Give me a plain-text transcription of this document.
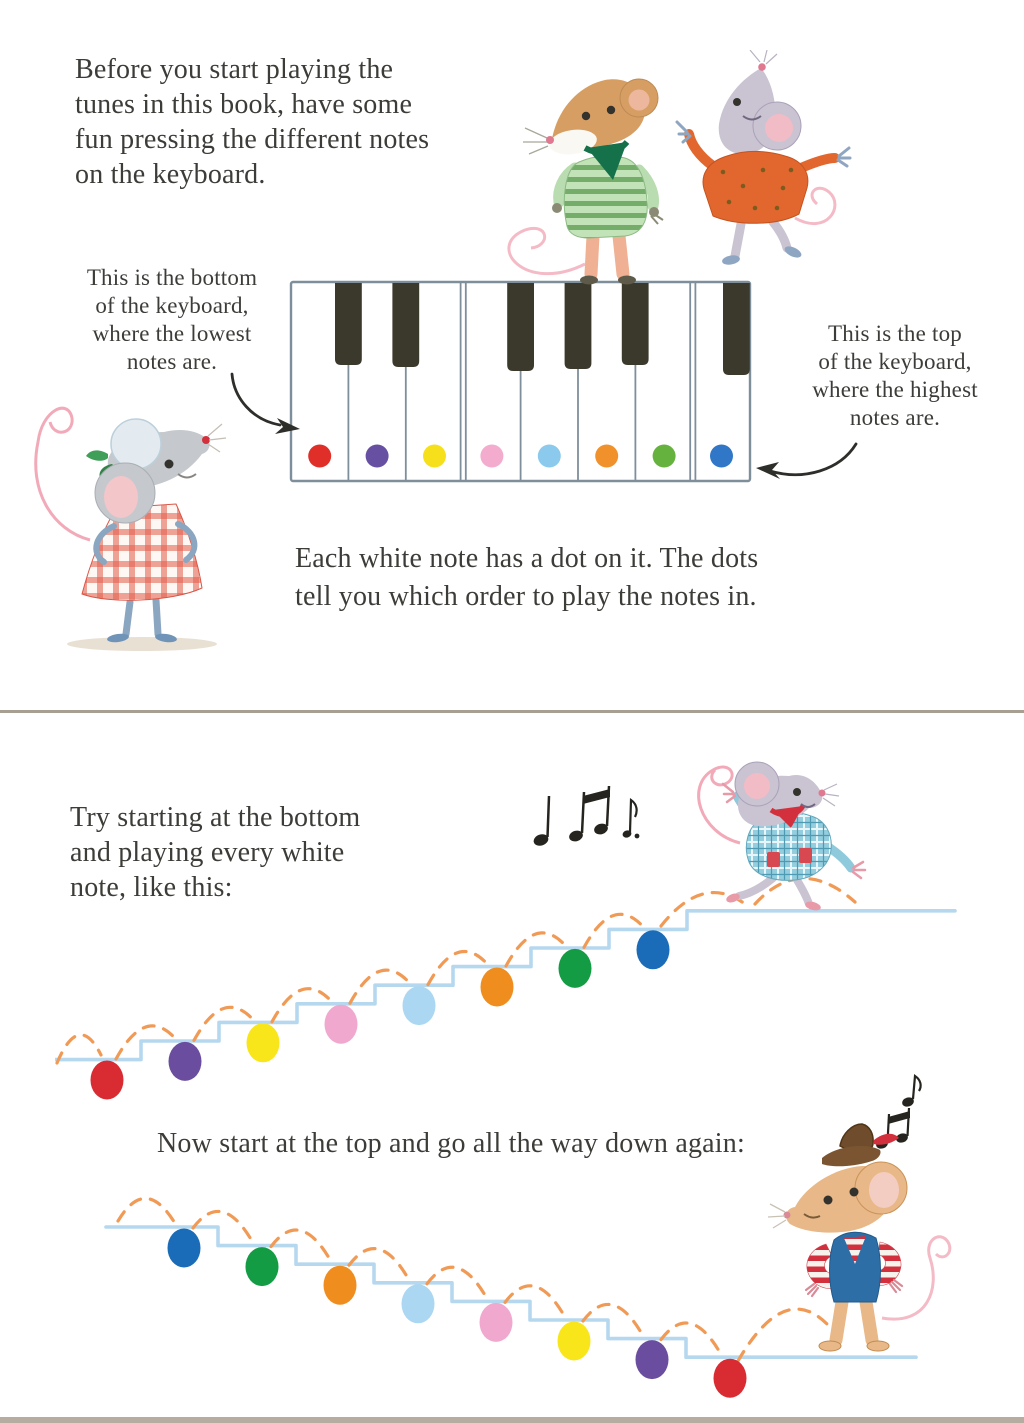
Before you start playing the
tunes in this book, have some
fun pressing the different notes
on the keyboard.
This is the bottom
of the keyboard,
where the lowest
notes are.
This is the top
of the keyboard,
where the highest
notes are.
Each white note has a dot on it. The dots
tell you which order to play the notes in.
Try starting at the bottom
and playing every white
note, like this:
Now start at the top and go all the way down again:
